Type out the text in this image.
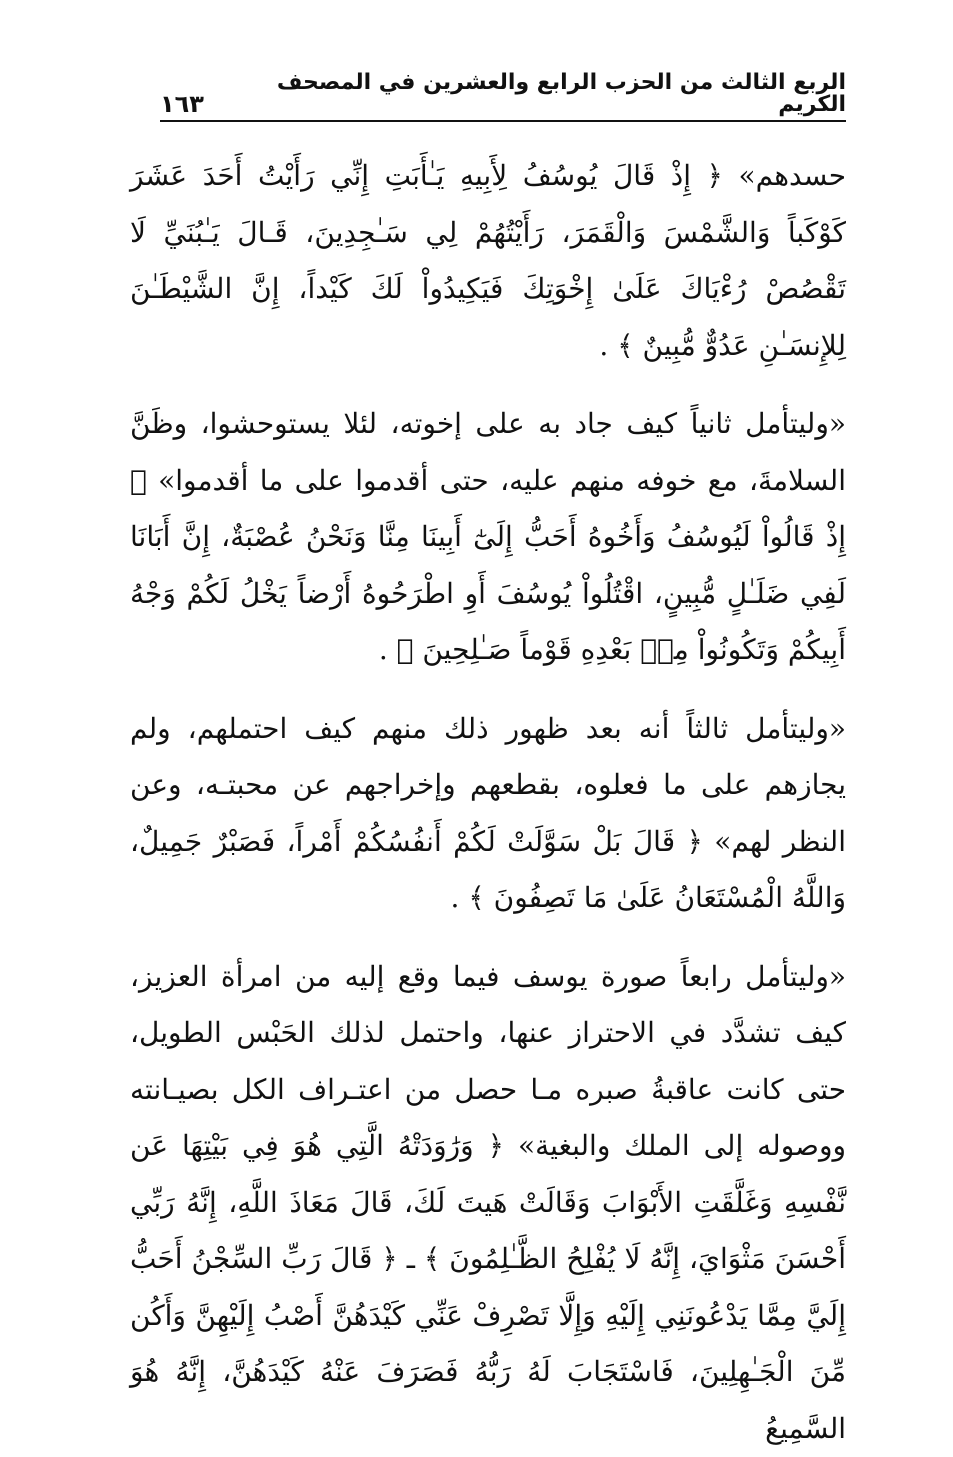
الربع الثالث من الحزب الرابع والعشرين في المصحف الكريم
١٦٣

حسدهم» ﴿ إِذْ قَالَ يُوسُفُ لِأَبِيهِ يَـٰأَبَتِ إِنِّي رَأَيْتُ أَحَدَ عَشَرَ كَوْكَباً وَالشَّمْسَ وَالْقَمَرَ، رَأَيْتُهُمْ لِي سَـٰجِدِينَ، قَـالَ يَـٰبُنَيِّ لَا تَقْصُصْ رُءْيَاكَ عَلَىٰ إِخْوَتِكَ فَيَكِيدُواْ لَكَ كَيْداً، إِنَّ الشَّيْطَـٰنَ لِلإِنسَـٰنِ عَدُوٌّ مُّبِينٌ ﴾ .

«وليتأمل ثانياً كيف جاد به على إخوته، لئلا يستوحشوا، وظَنَّ السلامةَ، مع خوفه منهم عليه، حتى أقدموا على ما أقدموا» ﴿ إِذْ قَالُواْ لَيُوسُفُ وَأَخُوهُ أَحَبُّ إِلَىٰٓ أَبِينَا مِنَّا وَنَحْنُ عُصْبَةٌ، إِنَّ أَبَانَا لَفِي ضَلَـٰلٍ مُّبِينٍ، اقْتُلُواْ يُوسُفَ أَوِ اطْرَحُوهُ أَرْضاً يَخْلُ لَكُمْ وَجْهُ أَبِيكُمْ وَتَكُونُواْ مِنۢ بَعْدِهِ قَوْماً صَـٰلِحِينَ ﴾ .

«وليتأمل ثالثاً أنه بعد ظهور ذلك منهم كيف احتملهم، ولم يجازهم على ما فعلوه، بقطعهم وإخراجهم عن محبتـه، وعن النظر لهم» ﴿ قَالَ بَلْ سَوَّلَتْ لَكُمْ أَنفُسُكُمْ أَمْراً، فَصَبْرٌ جَمِيلٌ، وَاللَّهُ الْمُسْتَعَانُ عَلَىٰ مَا تَصِفُونَ ﴾ .

«وليتأمل رابعاً صورة يوسف فيما وقع إليه من امرأة العزيز، كيف تشدَّد في الاحتراز عنها، واحتمل لذلك الحَبْس الطويل، حتى كانت عاقبةُ صبره مـا حصل من اعتـراف الكل بصيـانته ووصوله إلى الملك والبغية» ﴿ وَرَٰوَدَتْهُ الَّتِي هُوَ فِي بَيْتِهَا عَن نَّفْسِهِ وَغَلَّقَتِ الأَبْوَابَ وَقَالَتْ هَيتَ لَكَ، قَالَ مَعَاذَ اللَّهِ، إِنَّهُ رَبِّي أَحْسَنَ مَثْوَايَ، إِنَّهُ لَا يُفْلِحُ الظَّـٰلِمُونَ ﴾ ـ ﴿ قَالَ رَبِّ السِّجْنُ أَحَبُّ إِلَيَّ مِمَّا يَدْعُونَنِي إِلَيْهِ وَإِلَّا تَصْرِفْ عَنِّي كَيْدَهُنَّ أَصْبُ إِلَيْهِنَّ وَأَكُن مِّنَ الْجَـٰهِلِينَ، فَاسْتَجَابَ لَهُ رَبُّهُ فَصَرَفَ عَنْهُ كَيْدَهُنَّ، إِنَّهُ هُوَ السَّمِيعُ
